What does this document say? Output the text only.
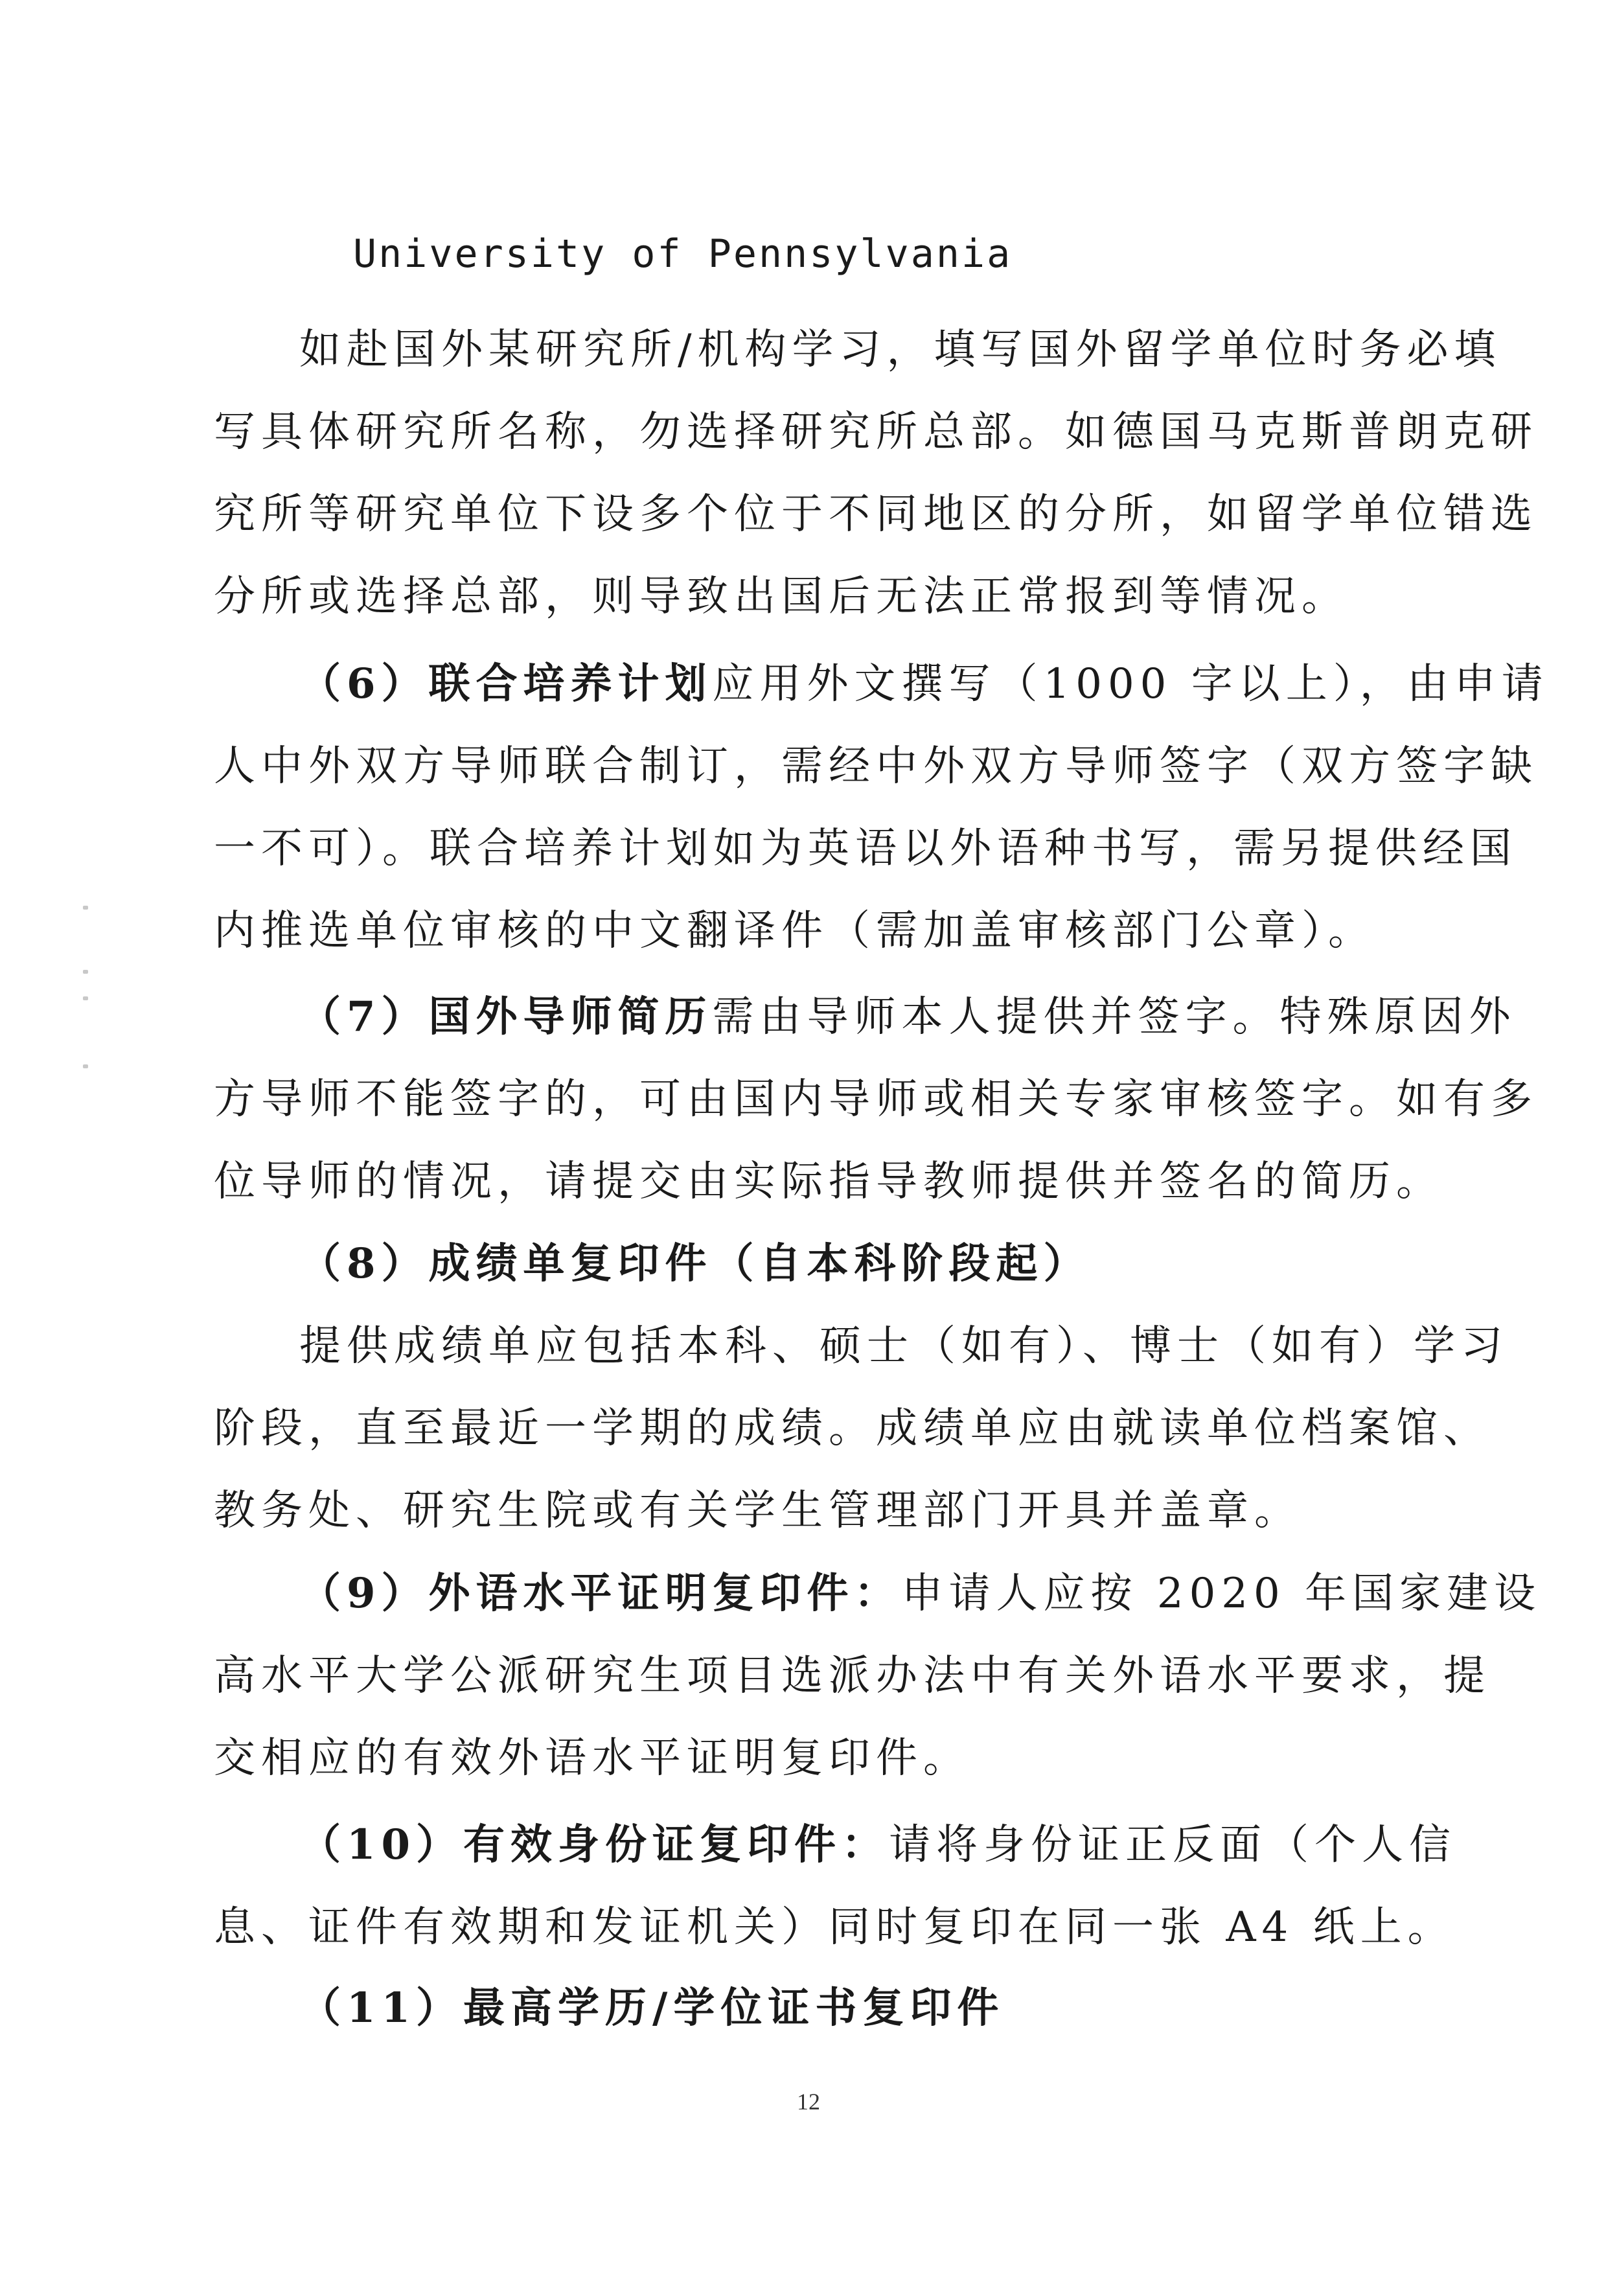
University of Pennsylvania
如赴国外某研究所/机构学习，填写国外留学单位时务必填
写具体研究所名称，勿选择研究所总部。如德国马克斯普朗克研
究所等研究单位下设多个位于不同地区的分所，如留学单位错选
分所或选择总部，则导致出国后无法正常报到等情况。
（6）联合培养计划应用外文撰写（1000 字以上），由申请
人中外双方导师联合制订，需经中外双方导师签字（双方签字缺
一不可）。联合培养计划如为英语以外语种书写，需另提供经国
内推选单位审核的中文翻译件（需加盖审核部门公章）。
（7）国外导师简历需由导师本人提供并签字。特殊原因外
方导师不能签字的，可由国内导师或相关专家审核签字。如有多
位导师的情况，请提交由实际指导教师提供并签名的简历。
（8）成绩单复印件（自本科阶段起）
提供成绩单应包括本科、硕士（如有）、博士（如有）学习
阶段，直至最近一学期的成绩。成绩单应由就读单位档案馆、
教务处、研究生院或有关学生管理部门开具并盖章。
（9）外语水平证明复印件：申请人应按 2020 年国家建设
高水平大学公派研究生项目选派办法中有关外语水平要求，提
交相应的有效外语水平证明复印件。
（10）有效身份证复印件：请将身份证正反面（个人信
息、证件有效期和发证机关）同时复印在同一张 A4 纸上。
（11）最高学历/学位证书复印件
12
